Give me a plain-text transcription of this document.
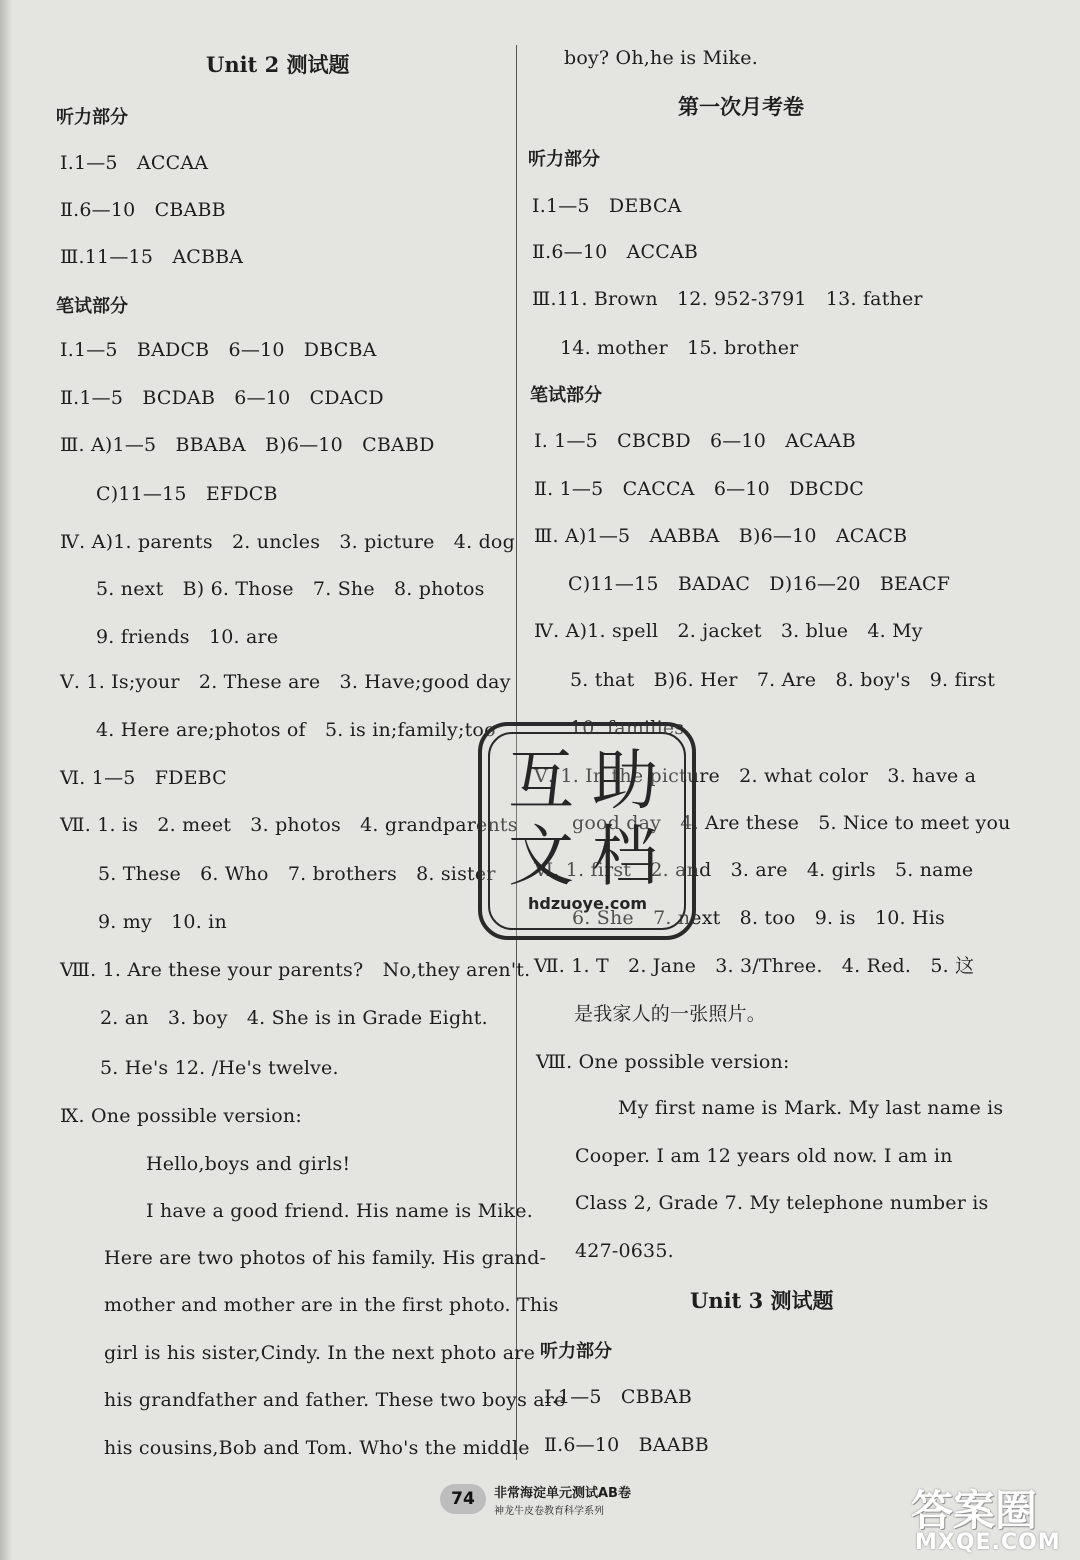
Unit 2 测试题
听力部分
Ⅰ.1—5　ACCAA
Ⅱ.6—10　CBABB
Ⅲ.11—15　ACBBA
笔试部分
Ⅰ.1—5　BADCB　6—10　DBCBA
Ⅱ.1—5　BCDAB　6—10　CDACD
Ⅲ. A)1—5　BBABA　B)6—10　CBABD
C)11—15　EFDCB
Ⅳ. A)1. parents　2. uncles　3. picture　4. dog
5. next　B) 6. Those　7. She　8. photos
9. friends　10. are
Ⅴ. 1. Is;your　2. These are　3. Have;good day
4. Here are;photos of　5. is in;family;too
Ⅵ. 1—5　FDEBC
Ⅶ. 1. is　2. meet　3. photos　4. grandparents
5. These　6. Who　7. brothers　8. sister
9. my　10. in
Ⅷ. 1. Are these your parents?　No,they aren't.
2. an　3. boy　4. She is in Grade Eight.
5. He's 12. /He's twelve.
Ⅸ. One possible version:
Hello,boys and girls!
I have a good friend. His name is Mike.
Here are two photos of his family. His grand-
mother and mother are in the first photo. This
girl is his sister,Cindy. In the next photo are
his grandfather and father. These two boys are
his cousins,Bob and Tom. Who's the middle
boy? Oh,he is Mike.
第一次月考卷
听力部分
Ⅰ.1—5　DEBCA
Ⅱ.6—10　ACCAB
Ⅲ.11. Brown　12. 952-3791　13. father
14. mother　15. brother
笔试部分
Ⅰ. 1—5　CBCBD　6—10　ACAAB
Ⅱ. 1—5　CACCA　6—10　DBCDC
Ⅲ. A)1—5　AABBA　B)6—10　ACACB
C)11—15　BADAC　D)16—20　BEACF
Ⅳ. A)1. spell　2. jacket　3. blue　4. My
5. that　B)6. Her　7. Are　8. boy's　9. first
10. families
Ⅴ. 1. In the picture　2. what color　3. have a
good day　4. Are these　5. Nice to meet you
Ⅵ. 1. first　2. and　3. are　4. girls　5. name
6. She　7. next　8. too　9. is　10. His
Ⅶ. 1. T　2. Jane　3. 3/Three.　4. Red.　5. 这
是我家人的一张照片。
Ⅷ. One possible version:
My first name is Mark. My last name is
Cooper. I am 12 years old now. I am in
Class 2, Grade 7. My telephone number is
427-0635.
Unit 3 测试题
听力部分
Ⅰ.1—5　CBBAB
Ⅱ.6—10　BAABB
互 助
文 档
hdzuoye.com
74	非常海淀单元测试AB卷
神龙牛皮卷教育科学系列	答案圈
MXQE.COM
